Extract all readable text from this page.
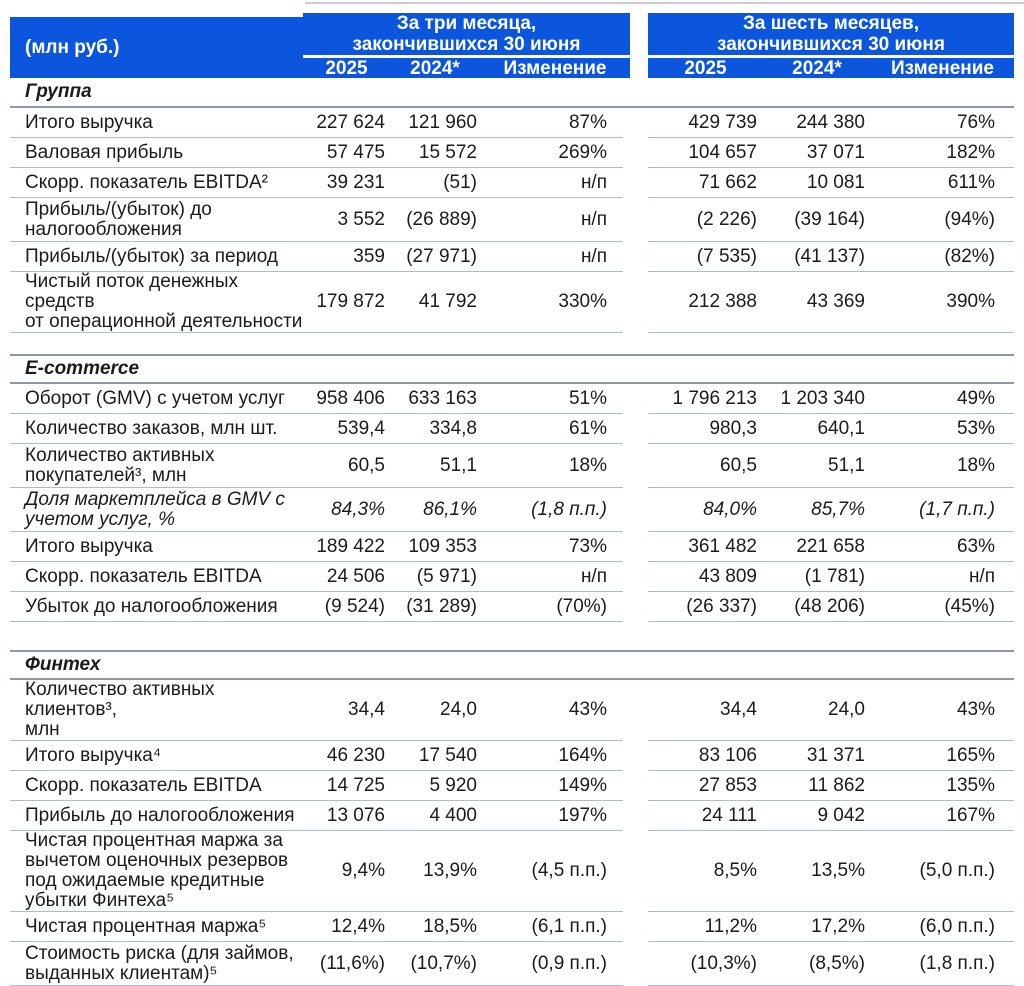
(млн руб.)
За три месяца,
закончившихся 30 июня
2025	2024*	Изменение
За шесть месяцев,
закончившихся 30 июня
2025	2024*	Изменение
Группа
Итого выручка	227 624	121 960	87%	429 739	244 380	76%
Валовая прибыль	57 475	15 572	269%	104 657	37 071	182%
Скорр. показатель EBITDA²	39 231	(51)	н/п	71 662	10 081	611%
Прибыль/(убыток) до
налогообложения	3 552	(26 889)	н/п	(2 226)	(39 164)	(94%)
Прибыль/(убыток) за период	359	(27 971)	н/п	(7 535)	(41 137)	(82%)
Чистый поток денежных средств
от операционной деятельности
179 872	41 792	330%	212 388	43 369	390%
E-commerce
Оборот (GMV) с учетом услуг	958 406	633 163	51%	1 796 213	1 203 340	49%
Количество заказов, млн шт.	539,4	334,8	61%	980,3	640,1	53%
Количество активных
покупателей³, млн	60,5	51,1	18%	60,5	51,1	18%
Доля маркетплейса в GMV с
учетом услуг, %	84,3%	86,1%	(1,8 п.п.)	84,0%	85,7%	(1,7 п.п.)
Итого выручка	189 422	109 353	73%	361 482	221 658	63%
Скорр. показатель EBITDA	24 506	(5 971)	н/п	43 809	(1 781)	н/п
Убыток до налогообложения	(9 524)	(31 289)	(70%)	(26 337)	(48 206)	(45%)
Финтех
Количество активных клиентов³,
млн
34,4	24,0	43%	34,4	24,0	43%
Итого выручка⁴	46 230	17 540	164%	83 106	31 371	165%
Скорр. показатель EBITDA	14 725	5 920	149%	27 853	11 862	135%
Прибыль до налогообложения	13 076	4 400	197%	24 111	9 042	167%
Чистая процентная маржа за
вычетом оценочных резервов
под ожидаемые кредитные
убытки Финтеха⁵
9,4%	13,9%	(4,5 п.п.)	8,5%	13,5%	(5,0 п.п.)
Чистая процентная маржа⁵	12,4%	18,5%	(6,1 п.п.)	11,2%	17,2%	(6,0 п.п.)
Стоимость риска (для займов,
выданных клиентам)⁵	(11,6%)	(10,7%)	(0,9 п.п.)	(10,3%)	(8,5%)	(1,8 п.п.)
